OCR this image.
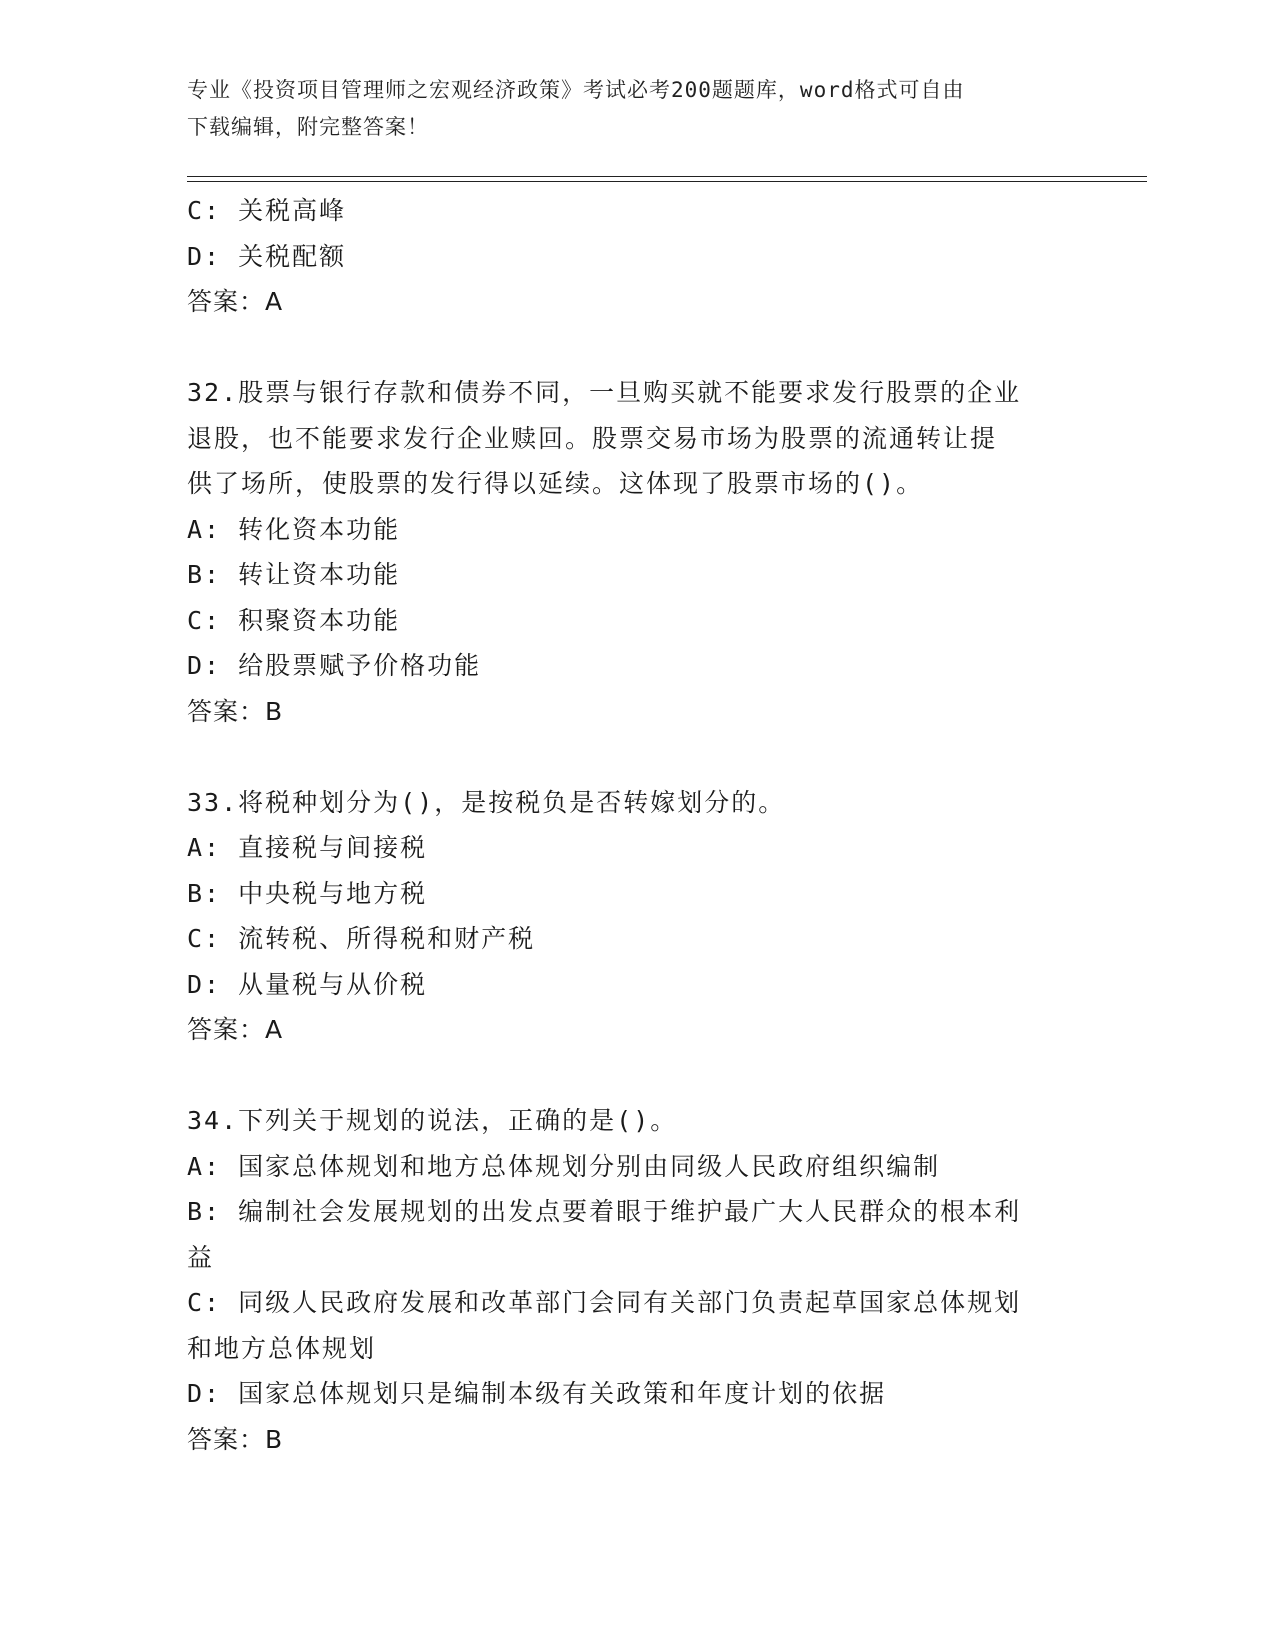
专业《投资项目管理师之宏观经济政策》考试必考200题题库，word格式可自由
下载编辑，附完整答案！

C: 关税高峰

D: 关税配额

答案：A

32.股票与银行存款和债券不同，一旦购买就不能要求发行股票的企业

退股，也不能要求发行企业赎回。股票交易市场为股票的流通转让提

供了场所，使股票的发行得以延续。这体现了股票市场的()。

A: 转化资本功能

B: 转让资本功能

C: 积聚资本功能

D: 给股票赋予价格功能

答案：B

33.将税种划分为()，是按税负是否转嫁划分的。

A: 直接税与间接税

B: 中央税与地方税

C: 流转税、所得税和财产税

D: 从量税与从价税

答案：A

34.下列关于规划的说法，正确的是()。

A: 国家总体规划和地方总体规划分别由同级人民政府组织编制

B: 编制社会发展规划的出发点要着眼于维护最广大人民群众的根本利

益

C: 同级人民政府发展和改革部门会同有关部门负责起草国家总体规划

和地方总体规划

D: 国家总体规划只是编制本级有关政策和年度计划的依据

答案：B
